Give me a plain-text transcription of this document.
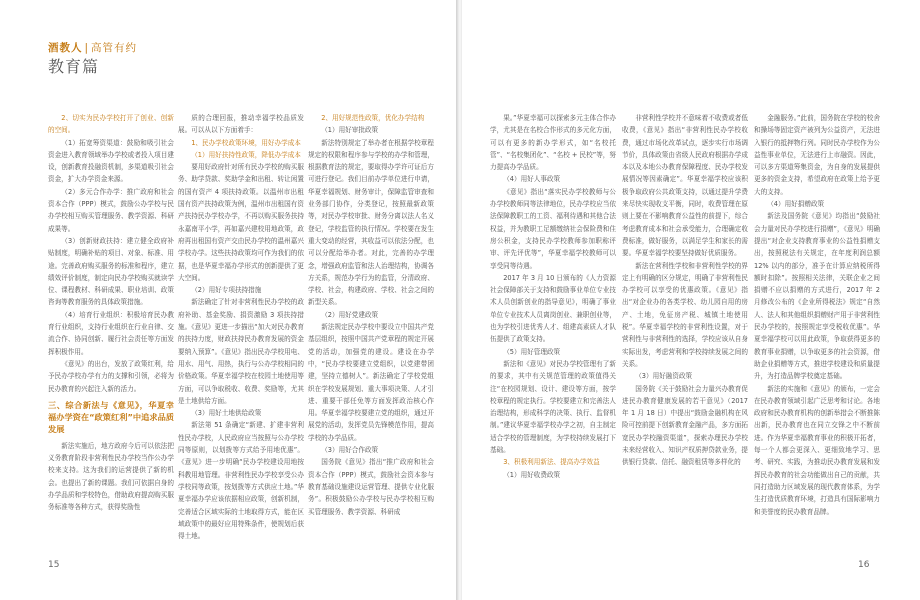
酒教人 | 高管有约
教育篇

2、切实为民办学校打开了创业、创新的空间。

（1）拓宽筹资渠道：鼓励和吸引社会资金进入教育领域举办学校或者投入项目建设，创新教育投融资机制，多渠道吸引社会资金，扩大办学资金来源。

（2）多元合作办学：推广政府和社会资本合作（PPP）模式，鼓励公办学校与民办学校相互购买管理服务、教学资源、科研成果等。

（3）创新财政扶持：建立健全政府补贴制度，明确补贴的项目、对象、标准、用途。完善政府购买服务的标准和程序，建立绩效评价制度，制定向民办学校购买就读学位、课程教材、科研成果、职业培训、政策咨询等教育服务的具体政策措施。

（4）培育行业组织：积极培育民办教育行业组织，支持行业组织在行业自律、交流合作、协同创新、履行社会责任等方面发挥积极作用。

《意见》的出台，发放了政策红利，给予民办学校办学有力的支撑和引领，必将为民办教育的兴起注入新的活力。

三、综合新法与《意见》，华夏幸福办学资在“政策红利”中追求品质发展

新法实施后，地方政府今后可以依法把义务教育阶段非营利性民办学校当作公办学校来支持。这为我们的运营提供了新的机会。也提出了新的课题。我们可依据自身的办学品质和学校特色，借助政府提高购买服务标准等各种方式，获得奖励性

质的合理回报，推动幸福学校品质发展。可以从以下方面着手：

1、民办学校政策环境，用好办学成本

（1）用好扶持性政策，降低办学成本

要用好政府针对所有民办学校的购买服务、助学贷款、奖助学金和出租、转让闲置的国有资产 4 项扶持政策。以温州市出租国有资产扶持政策为例，温州市出租国有资产扶持民办学校办学，不再以购买服务扶持永嘉南平小学，再如嘉兴建校用地政策，政府再出租国有资产交由民办学校的温州嘉兴学校办学。这些扶持政策均可作为我们的依据，也是华夏幸福办学形式的创新提供了更大空间。

（2）用好专项扶持措施

新法确定了针对非营利性民办学校的政府补助、基金奖励、捐资激励 3 项扶持措施。《意见》更进一步描出“加大对民办教育的扶持力度，财政扶持民办教育发展的资金要纳入预算”。《意见》指出民办学校用电、用水、用气、用热，执行与公办学校相同的价格政策。华夏幸福学校在校园土地使用等方面，可以争取税收、收费、奖励等，尤其是土地供给方面。

（3）用好土地供给政策

新法第 51 条确定“新建、扩建非营利性民办学校，人民政府应当按照与公办学校同等原则，以划拨等方式给予用地优惠”。《意见》进一步明确“民办学校建设用地按科教用地管理。非营利性民办学校享受公办学校同等政策，按划拨等方式供应土地。”华夏幸福办学应该依据相应政策，创新机制，完善适合区域实际的土地取得方式，能在区域政策中的最好应用特殊条件，使规划后获得土地。

2、用好规范性政策，优化办学结构

（1）用好审批政策

新法特别规定了举办者在根据学校章程规定的权限和程序参与学校的办学和管理，根据教育法的规定，要取得办学许可证后方可进行登记。我们目前办学单位进行申请，华夏幸福规划、财务审计，保障监管审查和业务部门协作，分类登记，按照最新政策等，对民办学校审批、财务分离以法人名义登记，学校监管的执行情况。学校要在发生重大变动的经营，其收益可以依法分配，也可以分配给举办者。对此，完善的办学理念，增强政府监管和法人治理结构，协调各方关系，规范办学行为的监管，分清政府、学校、社会，构建政府、学校、社会之间的新型关系。

（2）用好党建政策

新法规定民办学校中要设立中国共产党基层组织，按照中国共产党章程的规定开展党的活动，加强党的建设。建设在办学中，“民办学校要建立党组织，以党建带团建，坚持立德树人”。新法确定了学校党组织在学校发展规划、重大事项决策、人才引进、重要干部任免等方面发挥政治核心作用。华夏幸福学校要建立党的组织，通过开展党的活动，发挥党员先锋模范作用，提高学校的办学品质。

（3）用好合作政策

国务院《意见》指出“推广政府和社会资本合作（PPP）模式，鼓励社会资本参与教育基础设施建设运营管理、提供专业化服务”。积极鼓励公办学校与民办学校相互购买管理服务、教学资源、科研成

15

果。”华夏幸福可以探索多元主体合作办学，尤其是在名校合作形式的多元化方面，可以有更多的新办学形式，如“名校托管”、“名校集团化”、“名校 + 民校”等，努力提高办学品质。

（4）用好人事政策

《意见》指出“落实民办学校教师与公办学校教师同等法律地位，民办学校应当依法保障教职工的工资、福利待遇和其他合法权益，并为教职工足额缴纳社会保险费和住房公积金，支持民办学校教师参加职称评审、评先评优等”，华夏幸福学校教师可以享受同等待遇。

2017 年 3 月 10 日颁布的《人力资源社会保障部关于支持和鼓励事业单位专业技术人员创新创业的指导意见》，明确了事业单位专业技术人员离岗创业、兼职创业等，也为学校引进优秀人才、组建高素质人才队伍提供了政策支持。

（5）用好管理政策

新法和《意见》对民办学校管理有了新的要求，其中有关规范管理的政策值得关注“在校园规划、设计、建设等方面，按学校章程的规定执行。学校要建立和完善法人治理结构，形成科学的决策、执行、监督机制。”建议华夏幸福学校办学之初，自主制定适合学校的管理制度，为学校持续发展打下基础。

3、积极利用新法、提高办学效益

（1）用好收费政策

非营利性学校并不意味着不收费或者低收费，《意见》指出“非营利性民办学校收费，通过市场化改革试点，逐步实行市场调节价，具体政策由省级人民政府根据办学成本以及本地公办教育保障程度、民办学校发展情况等因素确定”。华夏幸福学校应该积极争取政府公共政策支持，以通过提升学费来尽快实现收支平衡，同时，收费管理在原则上要在不影响教育公益性的前提下，综合考虑教育成本和社会承受能力，合理确定收费标准，做好服务，以满足学生和家长的需要。华夏幸福学校要坚持做好优质服务。

新法在营利性学校和非营利性学校的界定上有明确的区分规定，明确了非营利性民办学校可以享受的优惠政策。《意见》指出“对企业办的各类学校、幼儿园自用的房产、土地，免征房产税、城镇土地使用税”。华夏幸福学校的非营利性设置，对于营利性与非营利性的选择，学校应该从自身实际出发，考虑营利和学校持续发展之间的关系。

（3）用好融资政策

国务院《关于鼓励社会力量兴办教育促进民办教育健康发展的若干意见》（2017 年 1 月 18 日）中提出“鼓励金融机构在风险可控前提下创新教育金融产品，多方面拓宽民办学校融资渠道”，探索办理民办学校未来经营收入、知识产权质押贷款业务，提供银行贷款、信托、融资租赁等多样化的

金融服务。”此前，国务院在学校的校舍和操场等固定资产被列为公益资产，无法进入银行的抵押物行列。同时民办学校作为公益性事业单位，无法进行上市融资。因此，可以多方渠道筹集资金，为自身的发展提供更多的资金支持，希望政府在政策上给予更大的支持。

（4）用好捐赠政策

新法及国务院《意见》均指出“鼓励社会力量对民办学校进行捐赠”，《意见》明确提出“对企业支持教育事业的公益性捐赠支出，按照税法有关规定，在年度利润总额 12% 以内的部分，准予在计算应纳税所得额时扣除”。按照相关法律，关联企业之间捐赠不应以捐赠的方式进行，2017 年 2 月修改公布的《企业所得税法》规定“自然人、法人和其他组织捐赠财产用于非营利性民办学校的，按照规定享受税收优惠”。华夏幸福学校可以用此政策，争取获得更多的教育事业捐赠，以争取更多的社会资源，借助企业捐赠等方式，推进学校建设和质量提升，为打造品牌学校奠定基础。

新法的实施和《意见》的颁布，一定会在民办教育领域引起广泛思考和讨论。各地政府和民办教育机构的创新举措会不断推陈出新，民办教育也在同立交锋之中不断前进。作为华夏幸福教育事业的积极开拓者，每一个人都会更深入、更细致地学习、思考、研究、实践，为推动民办教育发展和发挥民办教育的社会功能做出自己的贡献，共同打造助力区域发展的现代教育体系，为学生打造优质教育环境，打造具有国际影响力和美誉度的民办教育品牌。

16
